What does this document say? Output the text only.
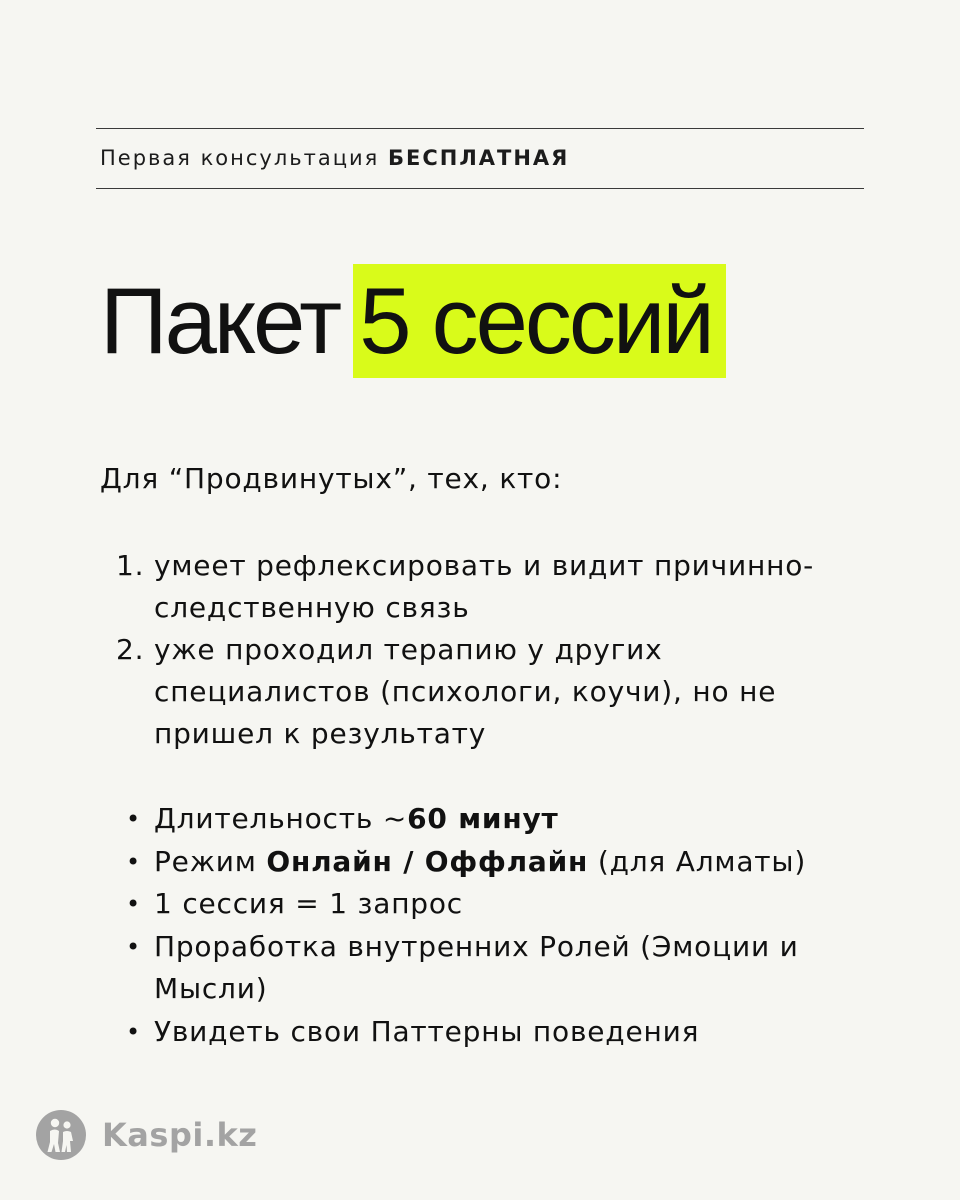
Первая консультация БЕСПЛАТНАЯ
Пакет 5 сессий
Для “Продвинутых”, тех, кто:
1. умеет рефлексировать и видит причинно-следственную связь
2. уже проходил терапию у других специалистов (психологи, коучи), но не пришел к результату
• Длительность ~60 минут
• Режим Онлайн / Оффлайн (для Алматы)
• 1 сессия = 1 запрос
• Проработка внутренних Ролей (Эмоции и Мысли)
• Увидеть свои Паттерны поведения
Kaspi.kz
